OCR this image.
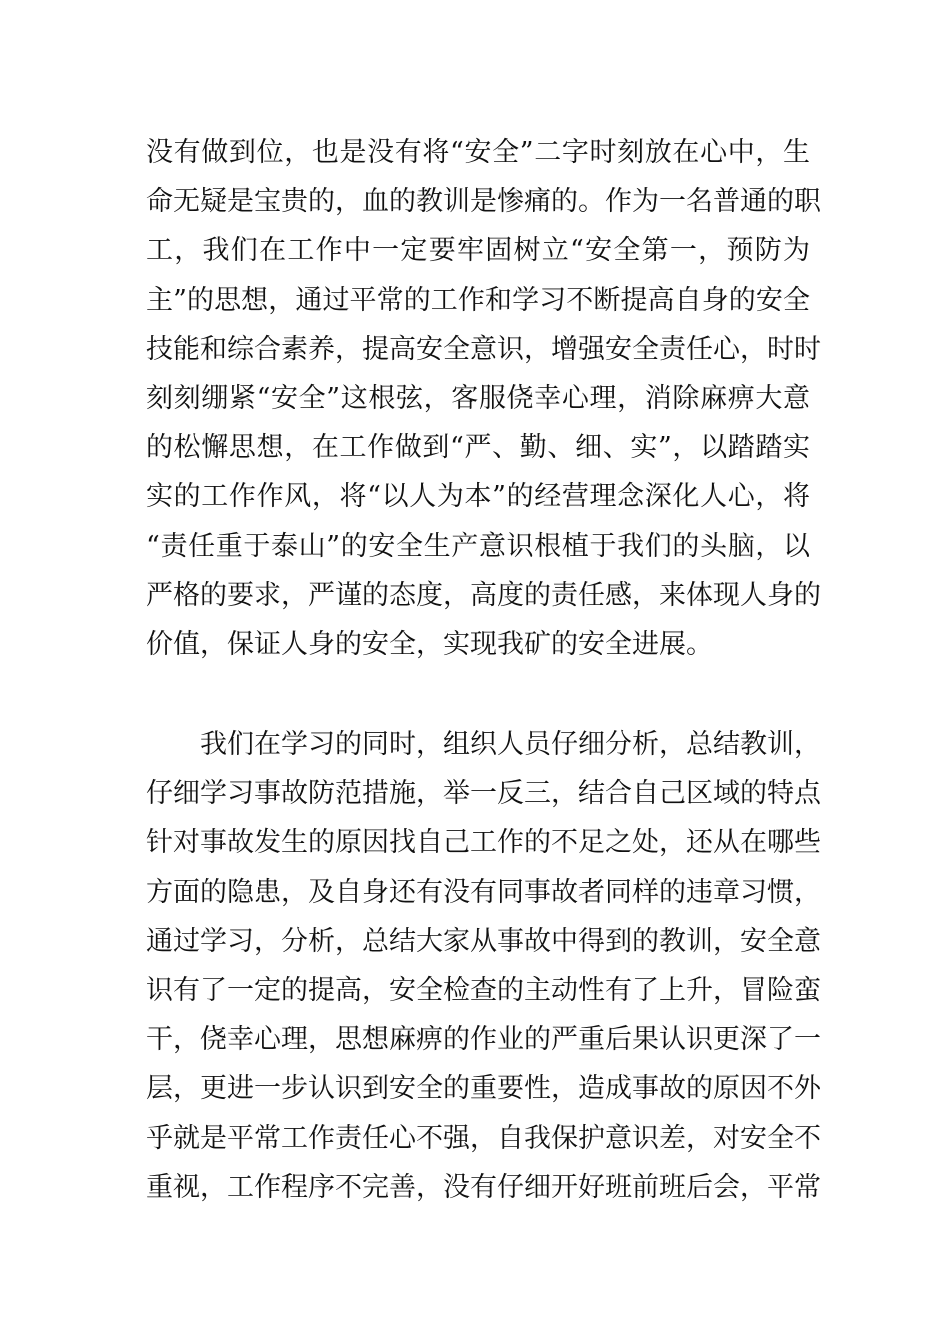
没有做到位，也是没有将“安全”二字时刻放在心中，生
命无疑是宝贵的，血的教训是惨痛的。作为一名普通的职
工，我们在工作中一定要牢固树立“安全第一，预防为
主”的思想，通过平常的工作和学习不断提高自身的安全
技能和综合素养，提高安全意识，增强安全责任心，时时
刻刻绷紧“安全”这根弦，客服侥幸心理，消除麻痹大意
的松懈思想，在工作做到“严、勤、细、实”，以踏踏实
实的工作作风，将“以人为本”的经营理念深化人心，将
“责任重于泰山”的安全生产意识根植于我们的头脑，以
严格的要求，严谨的态度，高度的责任感，来体现人身的
价值，保证人身的安全，实现我矿的安全进展。
我们在学习的同时，组织人员仔细分析，总结教训，
仔细学习事故防范措施，举一反三，结合自己区域的特点
针对事故发生的原因找自己工作的不足之处，还从在哪些
方面的隐患，及自身还有没有同事故者同样的违章习惯，
通过学习，分析，总结大家从事故中得到的教训，安全意
识有了一定的提高，安全检查的主动性有了上升，冒险蛮
干，侥幸心理，思想麻痹的作业的严重后果认识更深了一
层，更进一步认识到安全的重要性，造成事故的原因不外
乎就是平常工作责任心不强，自我保护意识差，对安全不
重视，工作程序不完善，没有仔细开好班前班后会，平常
